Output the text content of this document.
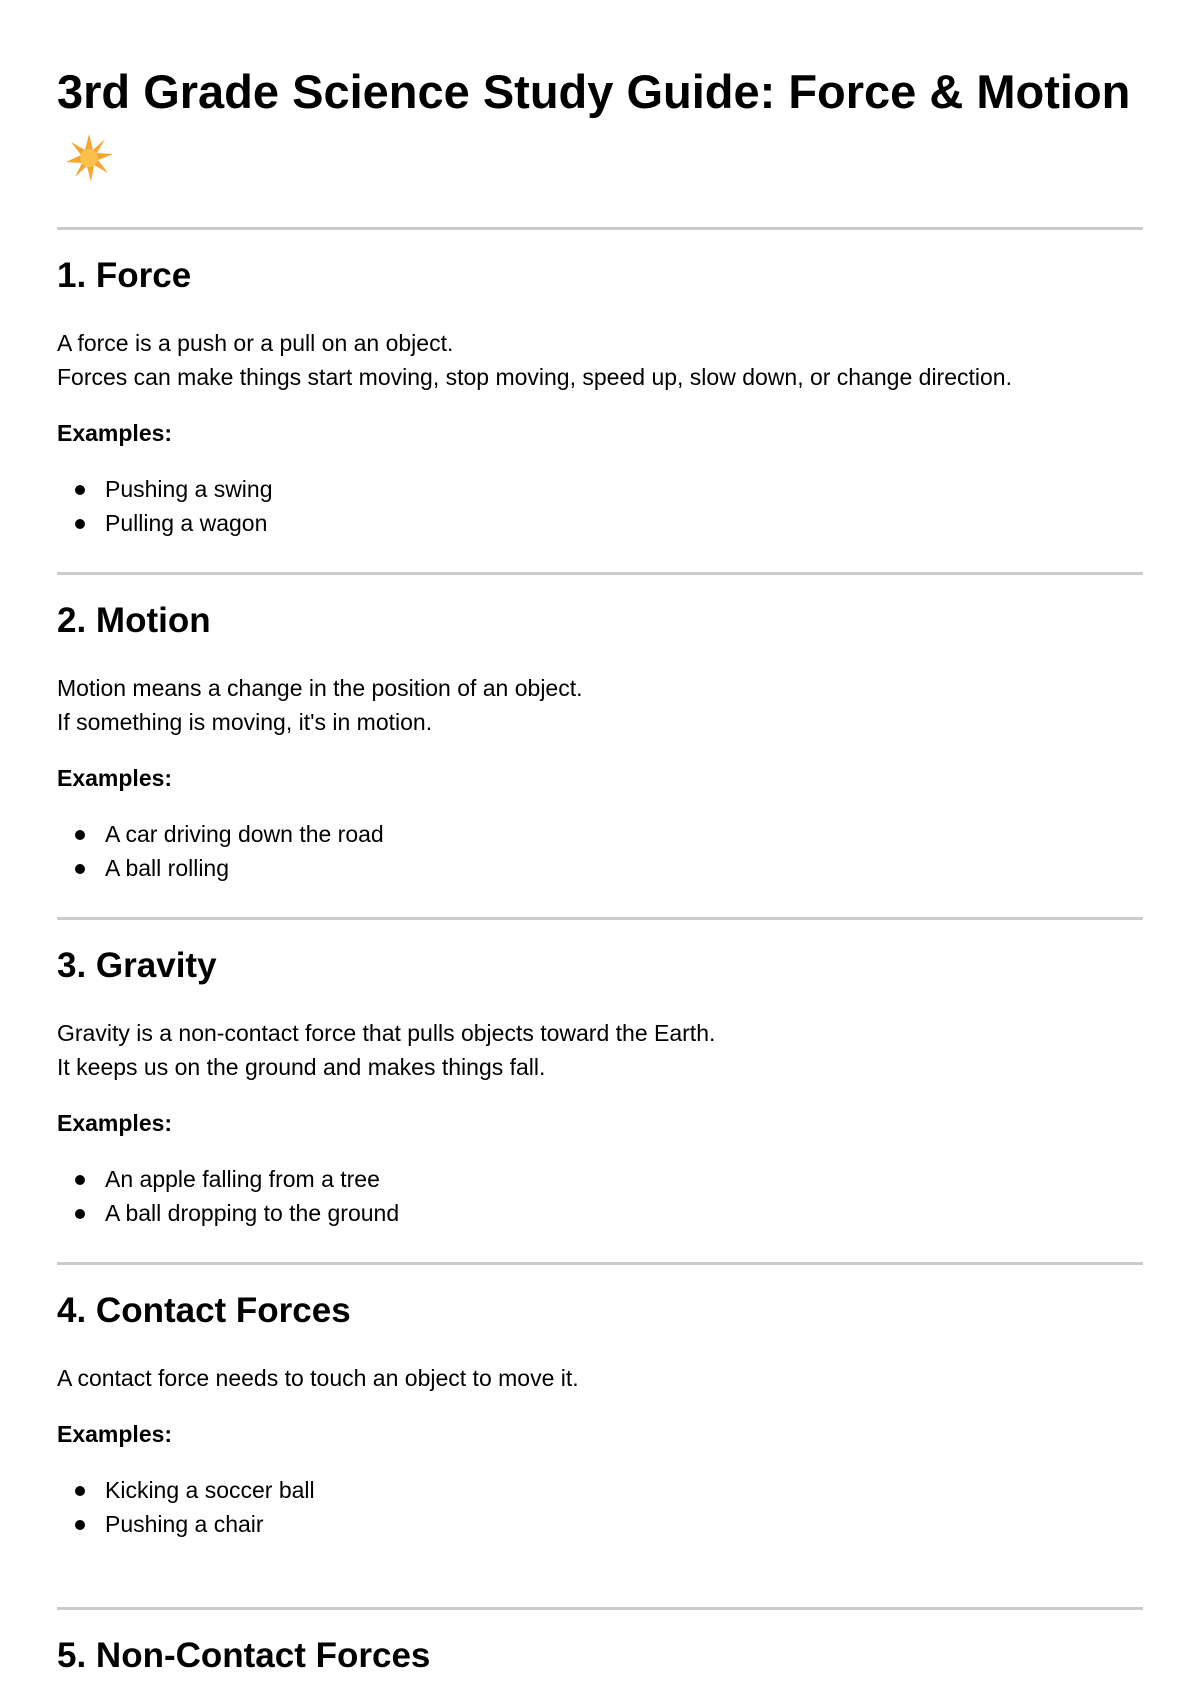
3rd Grade Science Study Guide: Force & Motion
1. Force

A force is a push or a pull on an object.
Forces can make things start moving, stop moving, speed up, slow down, or change direction.

Examples:

Pushing a swing
Pulling a wagon
2. Motion

Motion means a change in the position of an object.
If something is moving, it's in motion.

Examples:

A car driving down the road
A ball rolling
3. Gravity

Gravity is a non-contact force that pulls objects toward the Earth.
It keeps us on the ground and makes things fall.

Examples:

An apple falling from a tree
A ball dropping to the ground
4. Contact Forces

A contact force needs to touch an object to move it.

Examples:

Kicking a soccer ball
Pushing a chair
5. Non-Contact Forces
